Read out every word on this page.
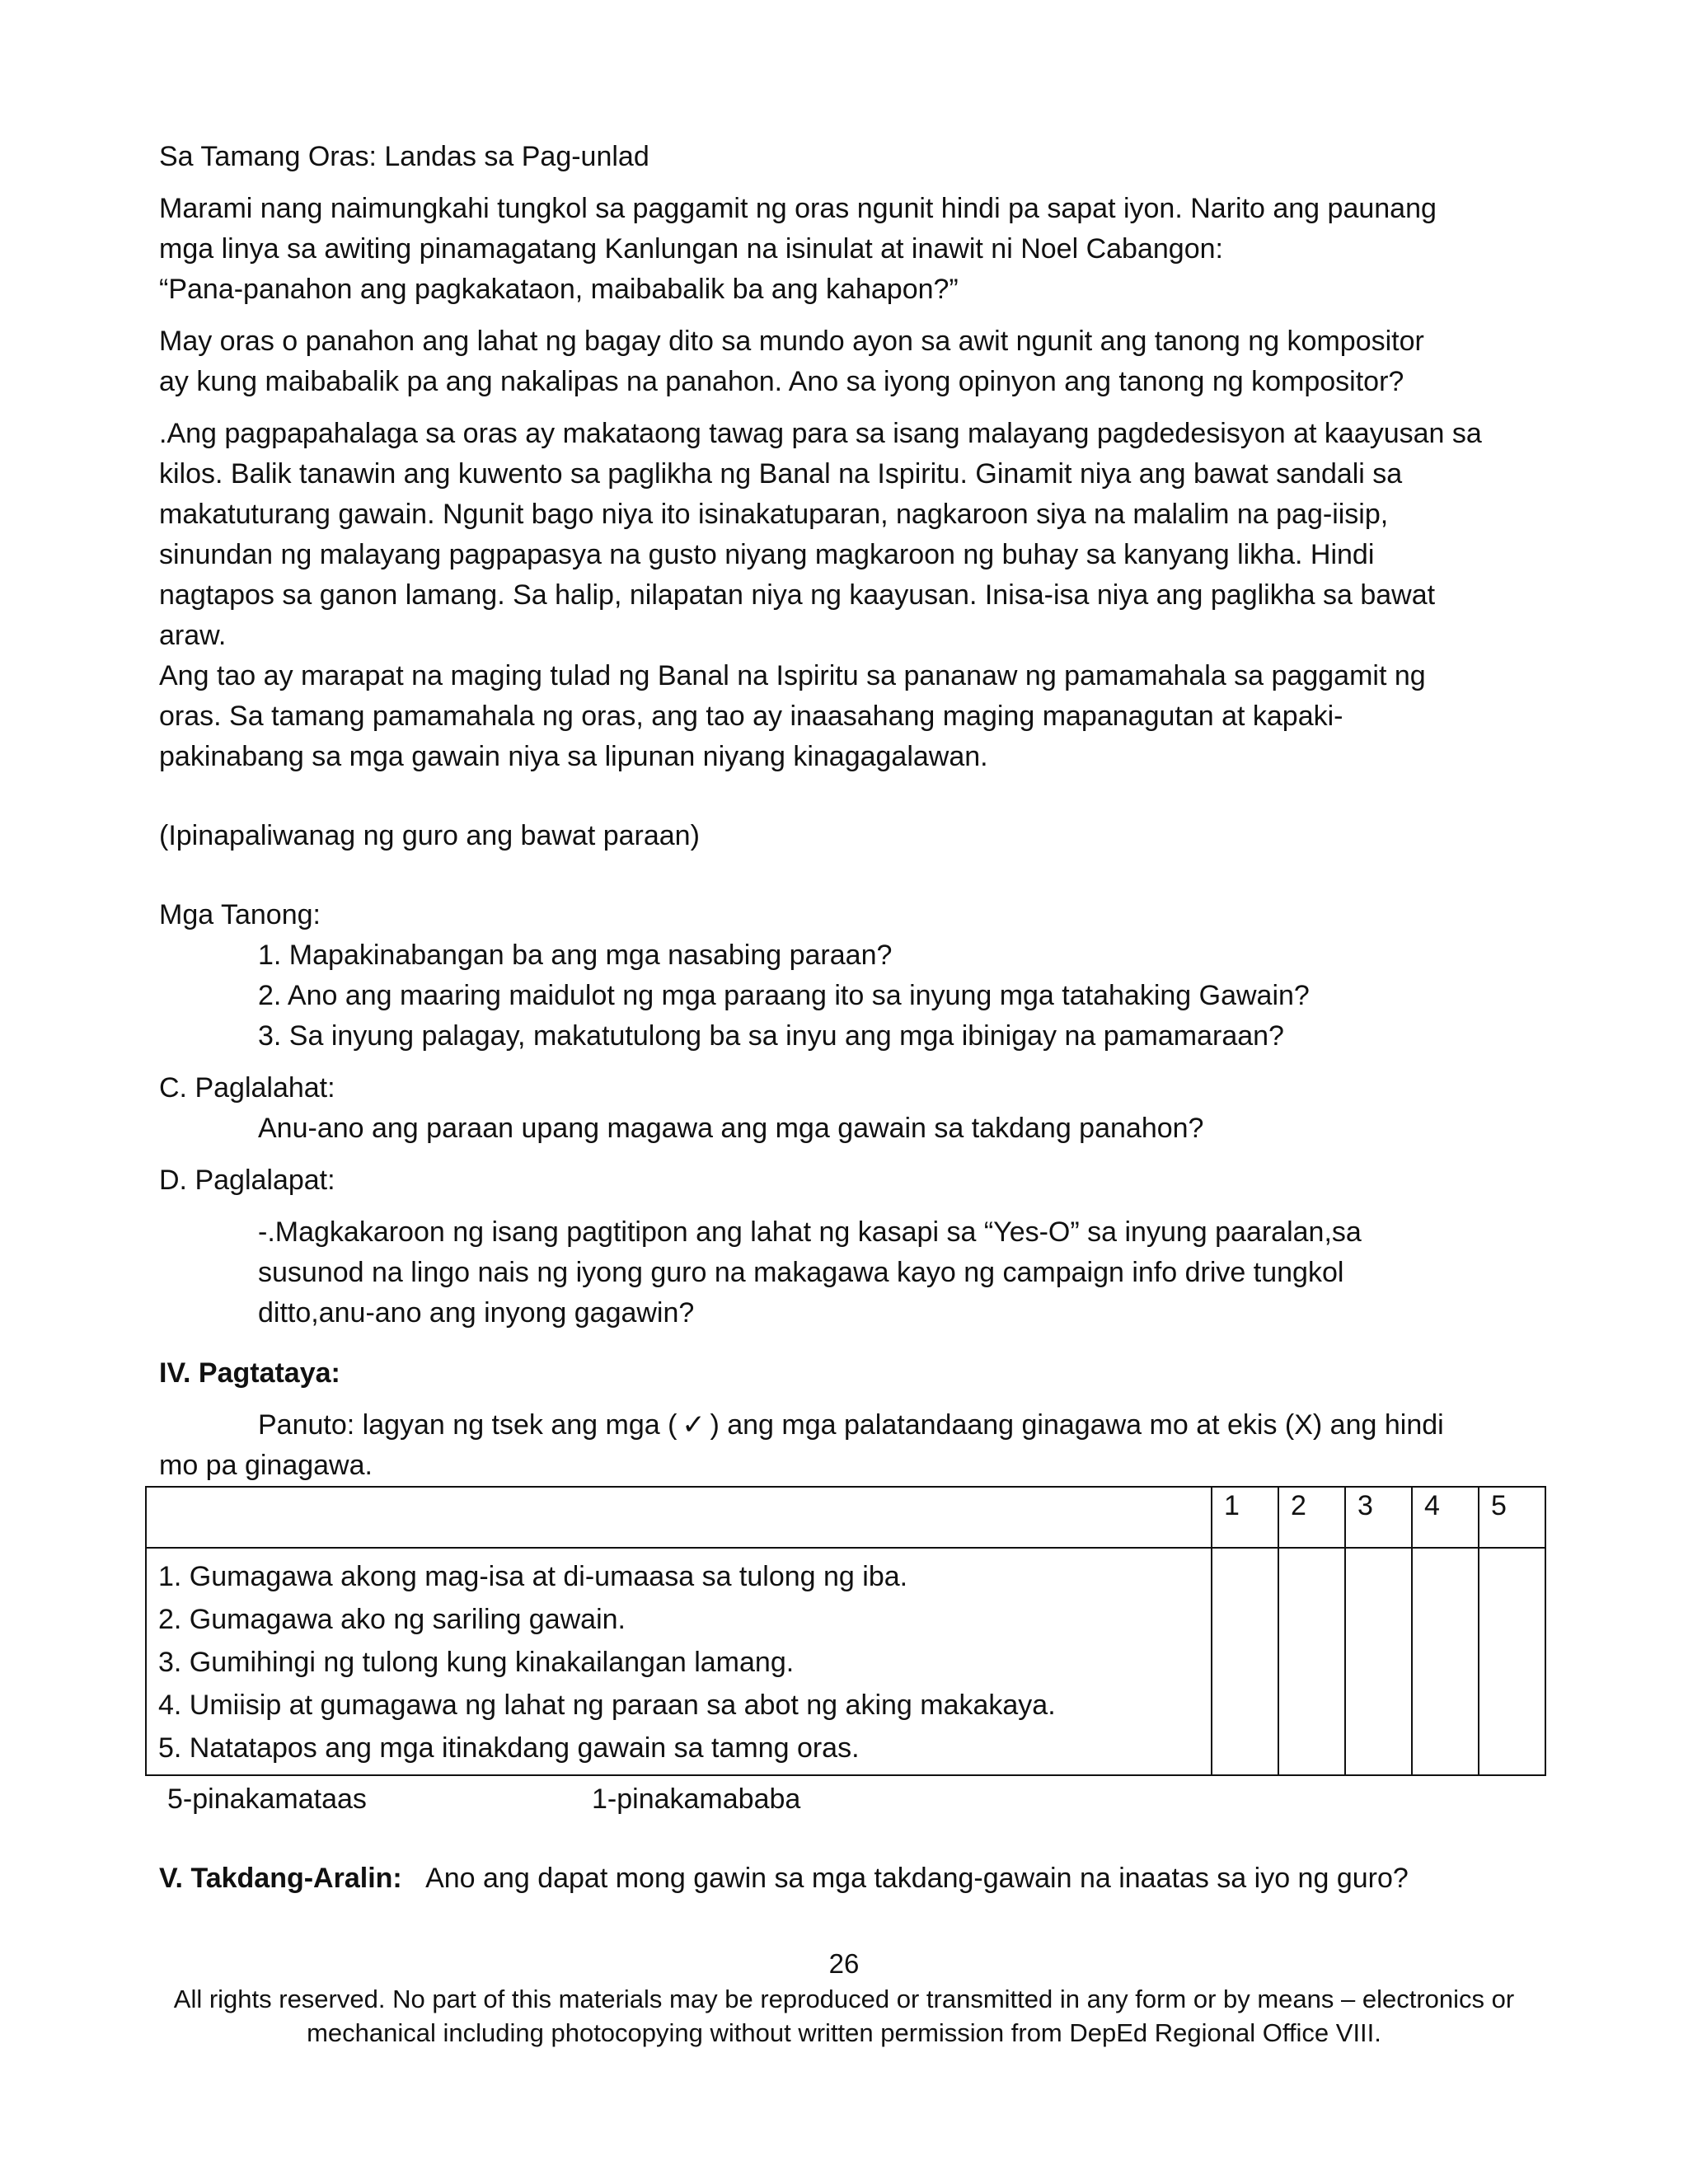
Sa Tamang Oras: Landas sa Pag-unlad

Marami nang naimungkahi tungkol sa paggamit ng oras ngunit hindi pa sapat iyon. Narito ang paunang
mga linya sa awiting pinamagatang Kanlungan na isinulat at inawit ni Noel Cabangon:
“Pana-panahon ang pagkakataon, maibabalik ba ang kahapon?”
May oras o panahon ang lahat ng bagay dito sa mundo ayon sa awit ngunit ang tanong ng kompositor
ay kung maibabalik pa ang nakalipas na panahon. Ano sa iyong opinyon ang tanong ng kompositor?
.Ang pagpapahalaga sa oras ay makataong tawag para sa isang malayang pagdedesisyon at kaayusan sa
kilos. Balik tanawin ang kuwento sa paglikha ng Banal na Ispiritu. Ginamit niya ang bawat sandali sa
makatuturang gawain. Ngunit bago niya ito isinakatuparan, nagkaroon siya na malalim na pag-iisip,
sinundan ng malayang pagpapasya na gusto niyang magkaroon ng buhay sa kanyang likha. Hindi
nagtapos sa ganon lamang. Sa halip, nilapatan niya ng kaayusan. Inisa-isa niya ang paglikha sa bawat
araw.
Ang tao ay marapat na maging tulad ng Banal na Ispiritu sa pananaw ng pamamahala sa paggamit ng
oras. Sa tamang pamamahala ng oras, ang tao ay inaasahang maging mapanagutan at kapaki-
pakinabang sa mga gawain niya sa lipunan niyang kinagagalawan.

(Ipinapaliwanag ng guro ang bawat paraan)

Mga Tanong:

1. Mapakinabangan ba ang mga nasabing paraan?
2. Ano ang maaring maidulot ng mga paraang ito sa inyung mga tatahaking Gawain?
3. Sa inyung palagay, makatutulong ba sa inyu ang mga ibinigay na pamamaraan?

C. Paglalahat:

Anu-ano ang paraan upang magawa ang mga gawain sa takdang panahon?

D. Paglalapat:

-.Magkakaroon ng isang pagtitipon ang lahat ng kasapi sa “Yes-O” sa inyung paaralan,sa
susunod na lingo nais ng iyong guro na makagawa kayo ng campaign info drive tungkol
ditto,anu-ano ang inyong gagawin?

IV. Pagtataya:

Panuto: lagyan ng tsek ang mga ( ✓ ) ang mga palatandaang ginagawa mo at ekis (X) ang hindi
mo pa ginagawa.
	1	2	3	4	5

1. Gumagawa akong mag-isa at di-umaasa sa tulong ng iba.
2. Gumagawa ako ng sariling gawain.
3. Gumihingi ng tulong kung kinakailangan lamang.
4. Umiisip at gumagawa ng lahat ng paraan sa abot ng aking makakaya.
5. Natatapos ang mga itinakdang gawain sa tamng oras.					

5-pinakamataas	1-pinakamababa

V. Takdang-Aralin: Ano ang dapat mong gawin sa mga takdang-gawain na inaatas sa iyo ng guro?

26
All rights reserved. No part of this materials may be reproduced or transmitted in any form or by means – electronics or
mechanical including photocopying without written permission from DepEd Regional Office VIII.
